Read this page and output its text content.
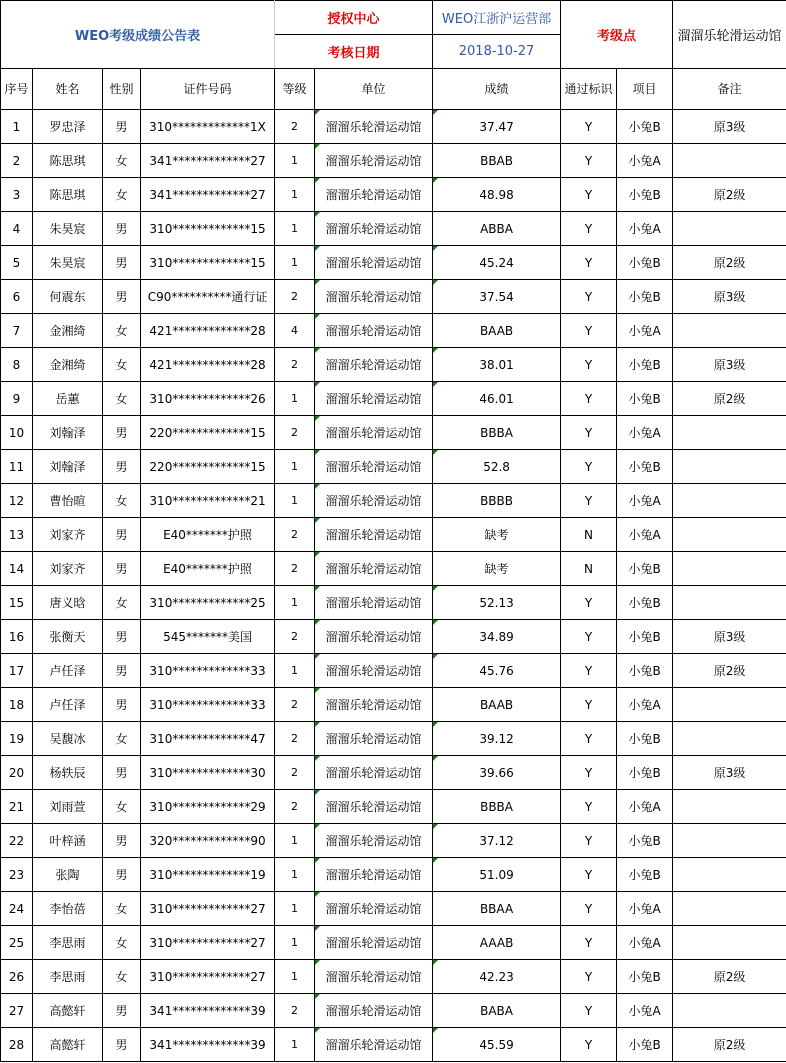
WEO考级成绩公告表				授权中心		WEO江浙沪运营部	考级点		溜溜乐轮滑运动馆
				考核日期		2018-10-27			
序号	姓名	性别	证件号码	等级	单位	成绩	通过标识	项目	备注
1	罗忠泽	男	310*************1X	2	溜溜乐轮滑运动馆	37.47	Y	小兔B	原3级
2	陈思琪	女	341*************27	1	溜溜乐轮滑运动馆	BBAB	Y	小兔A	
3	陈思琪	女	341*************27	1	溜溜乐轮滑运动馆	48.98	Y	小兔B	原2级
4	朱昊宸	男	310*************15	1	溜溜乐轮滑运动馆	ABBA	Y	小兔A	
5	朱昊宸	男	310*************15	1	溜溜乐轮滑运动馆	45.24	Y	小兔B	原2级
6	何震东	男	C90**********通行证	2	溜溜乐轮滑运动馆	37.54	Y	小兔B	原3级
7	金湘绮	女	421*************28	4	溜溜乐轮滑运动馆	BAAB	Y	小兔A	
8	金湘绮	女	421*************28	2	溜溜乐轮滑运动馆	38.01	Y	小兔B	原3级
9	岳蕙	女	310*************26	1	溜溜乐轮滑运动馆	46.01	Y	小兔B	原2级
10	刘翰泽	男	220*************15	2	溜溜乐轮滑运动馆	BBBA	Y	小兔A	
11	刘翰泽	男	220*************15	1	溜溜乐轮滑运动馆	52.8	Y	小兔B	
12	曹怡暄	女	310*************21	1	溜溜乐轮滑运动馆	BBBB	Y	小兔A	
13	刘家齐	男	E40*******护照	2	溜溜乐轮滑运动馆	缺考	N	小兔A	
14	刘家齐	男	E40*******护照	2	溜溜乐轮滑运动馆	缺考	N	小兔B	
15	唐义晗	女	310*************25	1	溜溜乐轮滑运动馆	52.13	Y	小兔B	
16	张衡天	男	545*******美国	2	溜溜乐轮滑运动馆	34.89	Y	小兔B	原3级
17	卢任泽	男	310*************33	1	溜溜乐轮滑运动馆	45.76	Y	小兔B	原2级
18	卢任泽	男	310*************33	2	溜溜乐轮滑运动馆	BAAB	Y	小兔A	
19	吴馥冰	女	310*************47	2	溜溜乐轮滑运动馆	39.12	Y	小兔B	
20	杨轶辰	男	310*************30	2	溜溜乐轮滑运动馆	39.66	Y	小兔B	原3级
21	刘雨萱	女	310*************29	2	溜溜乐轮滑运动馆	BBBA	Y	小兔A	
22	叶梓涵	男	320*************90	1	溜溜乐轮滑运动馆	37.12	Y	小兔B	
23	张陶	男	310*************19	1	溜溜乐轮滑运动馆	51.09	Y	小兔B	
24	李怡蓓	女	310*************27	1	溜溜乐轮滑运动馆	BBAA	Y	小兔A	
25	李思雨	女	310*************27	1	溜溜乐轮滑运动馆	AAAB	Y	小兔A	
26	李思雨	女	310*************27	1	溜溜乐轮滑运动馆	42.23	Y	小兔B	原2级
27	高懿轩	男	341*************39	2	溜溜乐轮滑运动馆	BABA	Y	小兔A	
28	高懿轩	男	341*************39	1	溜溜乐轮滑运动馆	45.59	Y	小兔B	原2级
